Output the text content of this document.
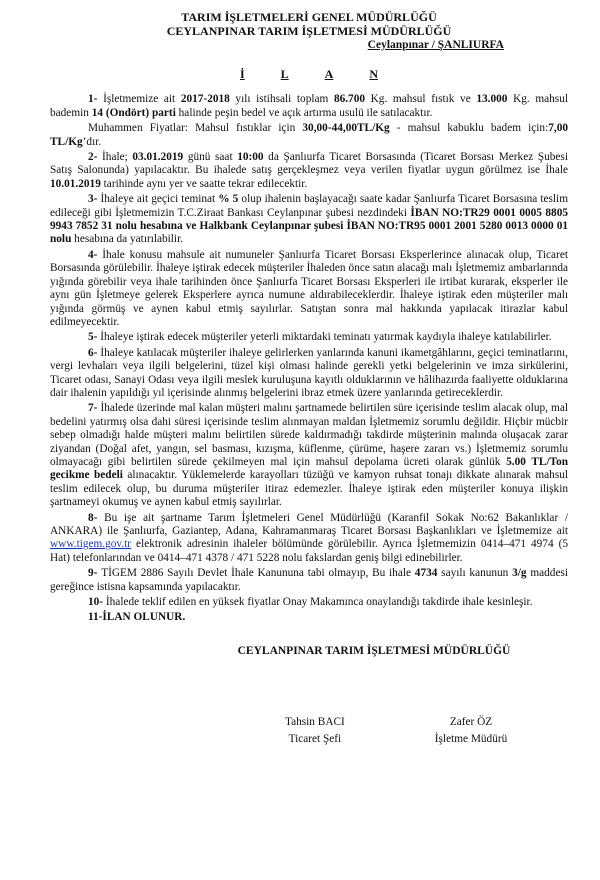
TARIM İŞLETMELERİ GENEL MÜDÜRLÜĞÜ

CEYLANPINAR TARIM İŞLETMESİ MÜDÜRLÜĞÜ

Ceylanpınar / ŞANLIURFA

İ	L	A	N

1- İşletmemize ait 2017-2018 yılı istihsali toplam 86.700 Kg. mahsul fıstık ve 13.000 Kg. mahsul bademin 14 (Ondört) parti halinde peşin bedel ve açık artırma usulü ile satılacaktır.

Muhammen Fiyatlar: Mahsul fıstıklar için 30,00-44,00TL/Kg - mahsul kabuklu badem için:7,00 TL/Kg’dır.

2- İhale; 03.01.2019 günü saat 10:00 da Şanlıurfa Ticaret Borsasında (Ticaret Borsası Merkez Şubesi Satış Salonunda) yapılacaktır. Bu ihalede satış gerçekleşmez veya verilen fiyatlar uygun görülmez ise İhale 10.01.2019 tarihinde aynı yer ve saatte tekrar edilecektir.

3- İhaleye ait geçici teminat % 5 olup ihalenin başlayacağı saate kadar Şanlıurfa Ticaret Borsasına teslim edileceği gibi İşletmemizin T.C.Ziraat Bankası Ceylanpınar şubesi nezdindeki İBAN NO:TR29 0001 0005 8805 9943 7852 31 nolu hesabına ve Halkbank Ceylanpınar şubesi İBAN NO:TR95 0001 2001 5280 0013 0000 01 nolu hesabına da yatırılabilir.

4- İhale konusu mahsule ait numuneler Şanlıurfa Ticaret Borsası Eksperlerince alınacak olup, Ticaret Borsasında görülebilir. İhaleye iştirak edecek müşteriler İhaleden önce satın alacağı malı İşletmemiz ambarlarında yığında görebilir veya ihale tarihinden önce Şanlıurfa Ticaret Borsası Eksperleri ile irtibat kurarak, eksperler ile aynı gün İşletmeye gelerek Eksperlere ayrıca numune aldırabileceklerdir. İhaleye iştirak eden müşteriler malı yığında görmüş ve aynen kabul etmiş sayılırlar. Satıştan sonra mal hakkında yapılacak itirazlar kabul edilmeyecektir.

5- İhaleye iştirak edecek müşteriler yeterli miktardaki teminatı yatırmak kaydıyla ihaleye katılabilirler.

6- İhaleye katılacak müşteriler ihaleye gelirlerken yanlarında kanuni ikametgâhlarını, geçici teminatlarını, vergi levhaları veya ilgili belgelerini, tüzel kişi olması halinde gerekli yetki belgelerinin ve imza sirkülerini, Ticaret odası, Sanayi Odası veya ilgili meslek kuruluşuna kayıtlı olduklarının ve hâlihazırda faaliyette olduklarına dair ihalenin yapıldığı yıl içerisinde alınmış belgelerini ibraz etmek üzere yanlarında getireceklerdir.

7- İhalede üzerinde mal kalan müşteri malını şartnamede belirtilen süre içerisinde teslim alacak olup, mal bedelini yatırmış olsa dahi süresi içerisinde teslim alınmayan maldan İşletmemiz sorumlu değildir. Hiçbir mücbir sebep olmadığı halde müşteri malını belirtilen sürede kaldırmadığı takdirde müşterinin malında oluşacak zarar ziyandan (Doğal afet, yangın, sel basması, kızışma, küflenme, çürüme, haşere zararı vs.) İşletmemiz sorumlu olmayacağı gibi belirtilen sürede çekilmeyen mal için mahsul depolama ücreti olarak günlük 5.00 TL/Ton gecikme bedeli alınacaktır. Yüklemelerde karayolları tüzüğü ve kamyon ruhsat tonajı dikkate alınarak mahsul teslim edilecek olup, bu duruma müşteriler itiraz edemezler. İhaleye iştirak eden müşteriler konuya ilişkin şartnameyi okumuş ve aynen kabul etmiş sayılırlar.

8- Bu işe ait şartname Tarım İşletmeleri Genel Müdürlüğü (Karanfil Sokak No:62 Bakanlıklar / ANKARA) ile Şanlıurfa, Gaziantep, Adana, Kahramanmaraş Ticaret Borsası Başkanlıkları ve İşletmemize ait www.tigem.gov.tr elektronik adresinin ihaleler bölümünde görülebilir. Ayrıca İşletmemizin 0414–471 4974 (5 Hat) telefonlarından ve 0414–471 4378 / 471 5228 nolu fakslardan geniş bilgi edinebilirler.

9- TİGEM 2886 Sayılı Devlet İhale Kanununa tabi olmayıp, Bu ihale 4734 sayılı kanunun 3/g maddesi gereğince istisna kapsamında yapılacaktır.

10- İhalede teklif edilen en yüksek fiyatlar Onay Makamınca onaylandığı takdirde ihale kesinleşir.

11-İLAN OLUNUR.

CEYLANPINAR TARIM İŞLETMESİ MÜDÜRLÜĞÜ
Tahsin BACI
Ticaret Şefi
Zafer ÖZ
İşletme Müdürü
